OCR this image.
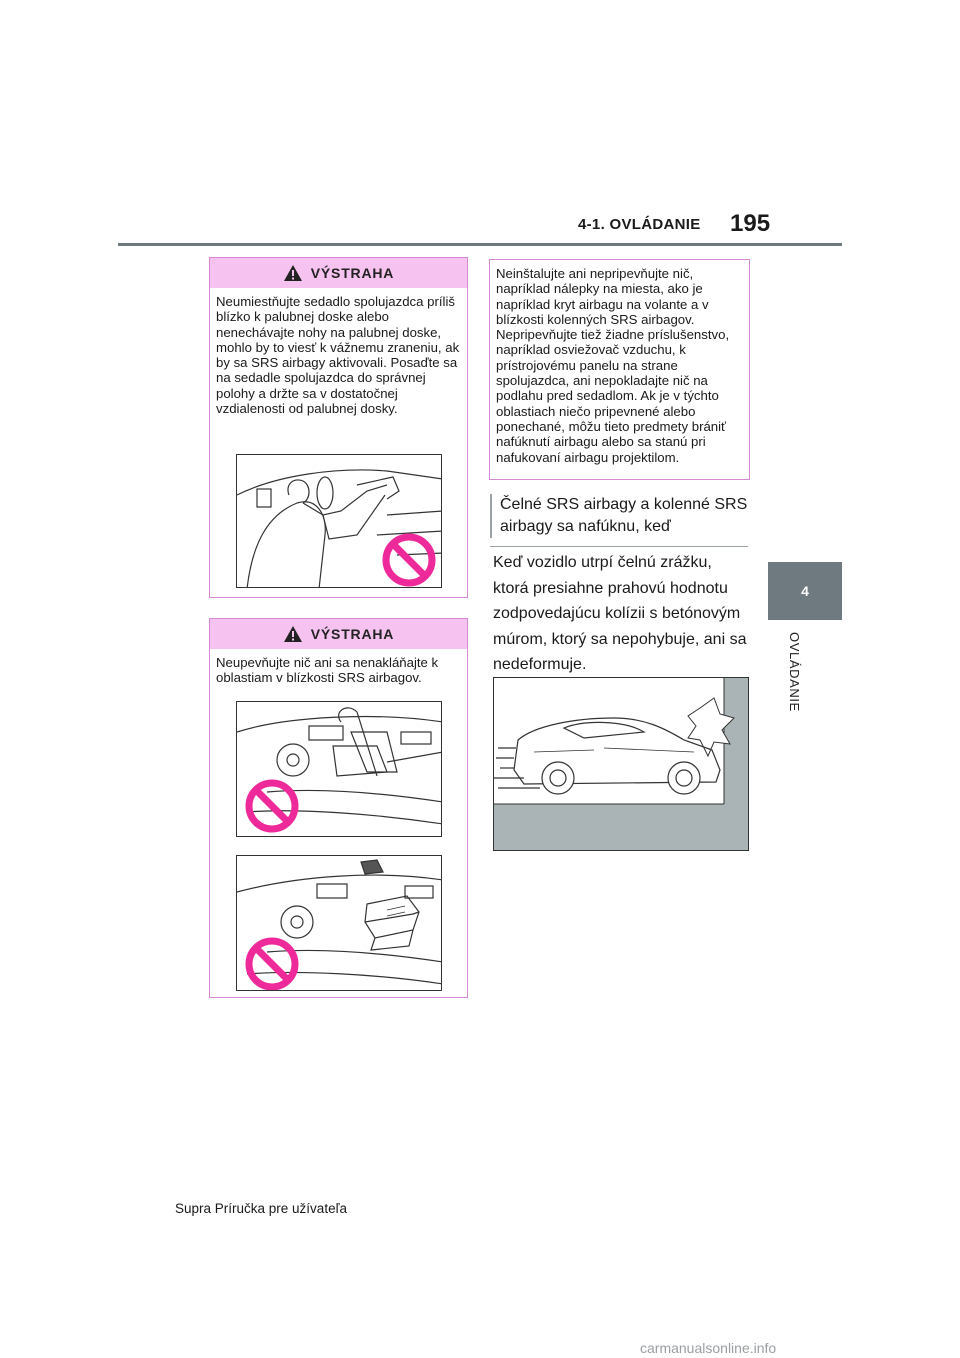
4-1. OVLÁDANIE 195
4
OVLÁDANIE
VÝSTRAHA
Neumiestňujte sedadlo spolujazdca príliš blízko k palubnej doske alebo nenechávajte nohy na palubnej doske, mohlo by to viesť k vážnemu zraneniu, ak by sa SRS airbagy aktivovali. Posaďte sa na sedadle spolujazdca do správnej polohy a držte sa v dostatočnej vzdialenosti od palubnej dosky.
VÝSTRAHA
Neupevňujte nič ani sa nenakláňajte k oblastiam v blízkosti SRS airbagov.
Neinštalujte ani nepripevňujte nič, napríklad nálepky na miesta, ako je napríklad kryt airbagu na volante a v blízkosti kolenných SRS airbagov. Nepripevňujte tiež žiadne príslušenstvo, napríklad osviežovač vzduchu, k prístrojovému panelu na strane spolujazdca, ani nepokladajte nič na podlahu pred sedadlom. Ak je v týchto oblastiach niečo pripevnené alebo ponechané, môžu tieto predmety brániť nafúknutí airbagu alebo sa stanú pri nafukovaní airbagu projektilom.
Čelné SRS airbagy a kolenné SRS airbagy sa nafúknu, keď
Keď vozidlo utrpí čelnú zrážku, ktorá presiahne prahovú hodnotu zodpovedajúcu kolízii s betónovým múrom, ktorý sa nepohybuje, ani sa nedeformuje.
Supra Príručka pre užívateľa
carmanualsonline.info
